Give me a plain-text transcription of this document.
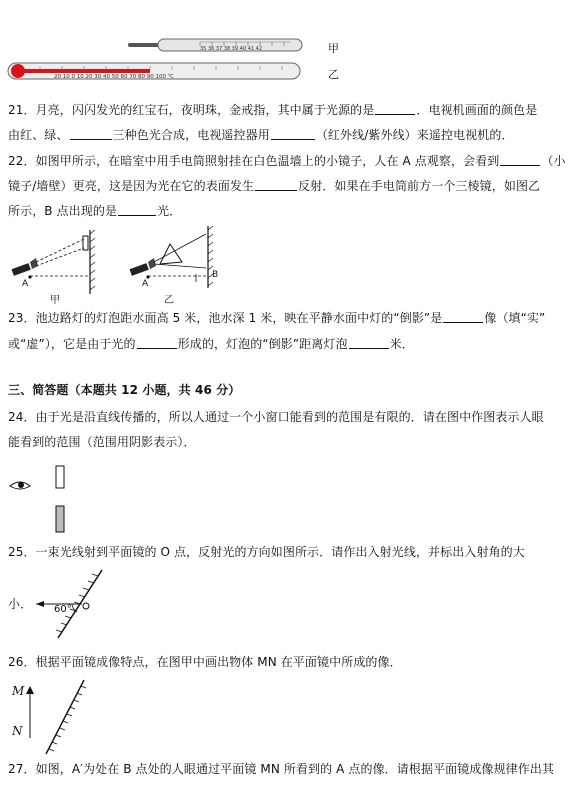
35 36 37 38 39 40 41 42
20 10 0 10 20 30 40 50 60 70 80 90 100 ℃
甲
乙
21．月亮，闪闪发光的红宝石，夜明珠，金戒指，其中属于光源的是	．电视机画面的颜色是
由红、绿、	三种色光合成，电视遥控器用	（红外线/紫外线）来遥控电视机的．
22．如图甲所示，在暗室中用手电筒照射挂在白色温墙上的小镜子，人在 A 点观察，会看到	（小
镜子/墙壁）更亮，这是因为光在它的表面发生	反射．如果在手电筒前方一个三棱镜，如图乙
所示，B 点出现的是	光．
A	A
B
甲	乙
23．池边路灯的灯泡距水面高 5 米，池水深 1 米，映在平静水面中灯的“倒影”是	像（填“实”
或“虚”），它是由于光的	形成的，灯泡的“倒影”距离灯泡	米．
三、简答题（本题共 12 小题，共 46 分）
24．由于光是沿直线传播的，所以人通过一个小窗口能看到的范围是有限的．请在图中作图表示人眼
能看到的范围（范围用阴影表示）．
25．一束光线射到平面镜的 O 点，反射光的方向如图所示．请作出入射光线，并标出入射角的大
小． 60°
26．根据平面镜成像特点，在图甲中画出物体 MN 在平面镜中所成的像．
M
N
27．如图，A′为处在 B 点处的人眼通过平面镜 MN 所看到的 A 点的像．请根据平面镜成像规律作出其
